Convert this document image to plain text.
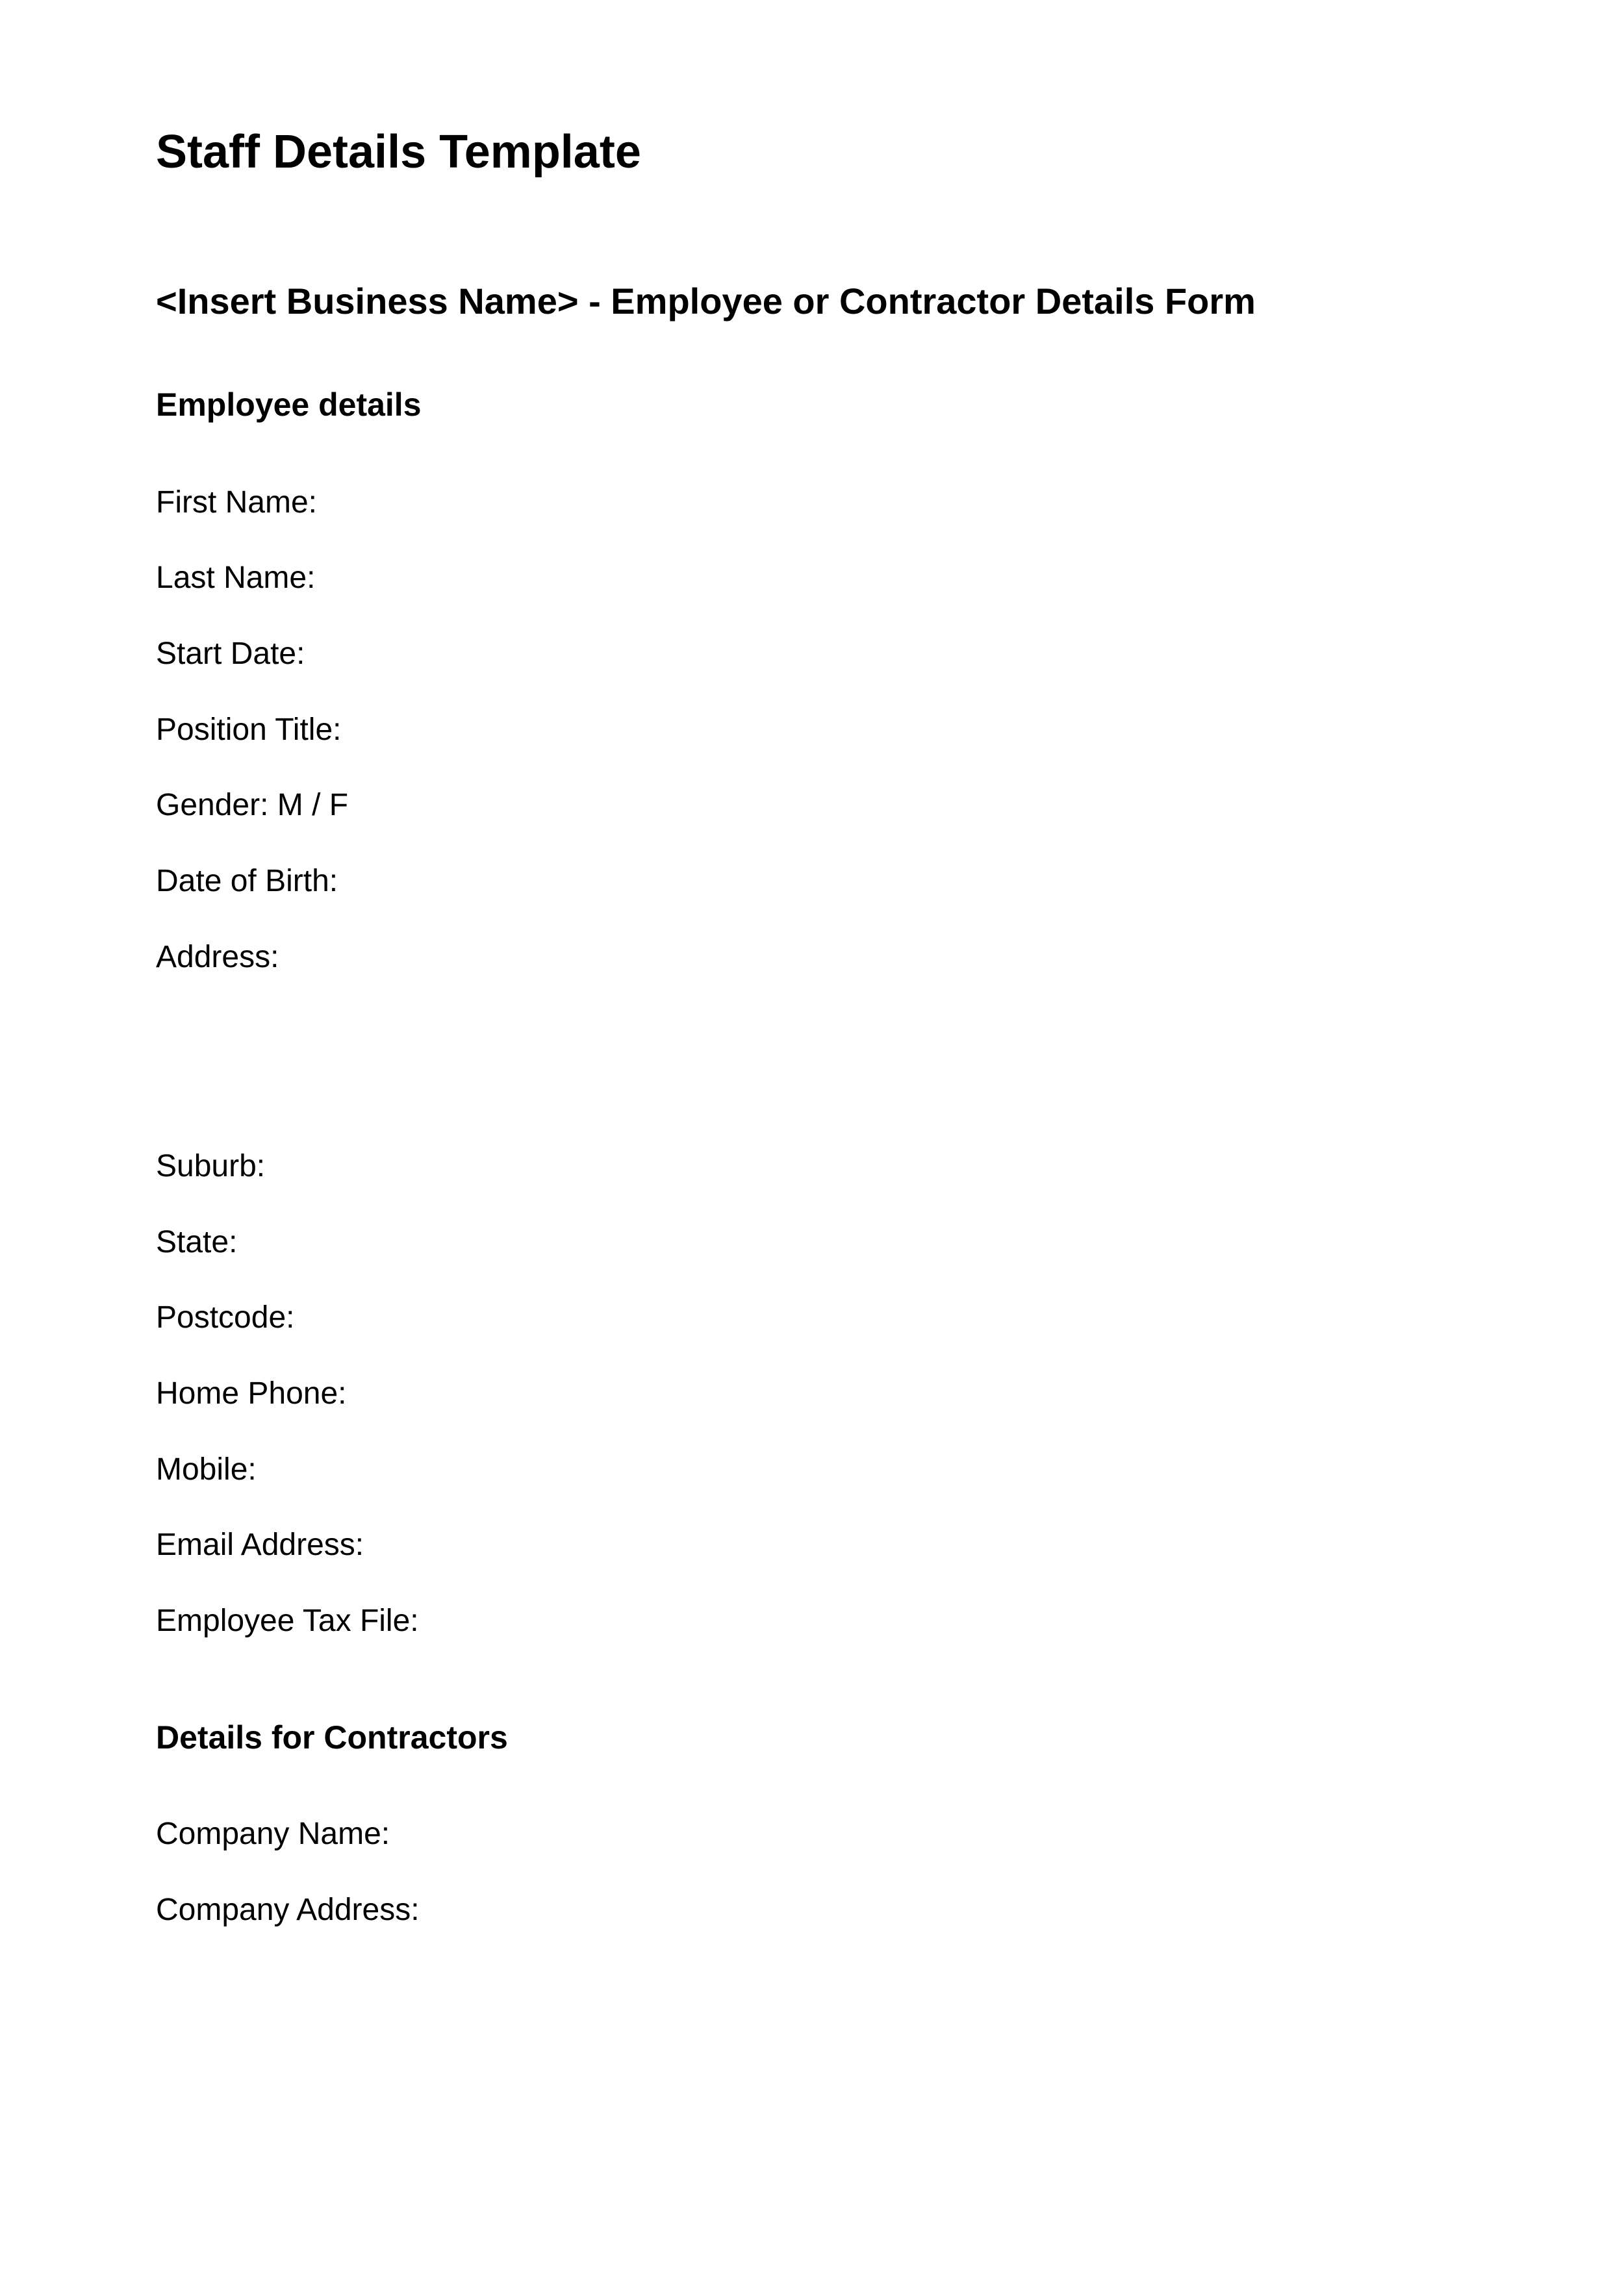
Staff Details Template
<Insert Business Name> - Employee or Contractor Details Form
Employee details
First Name:
Last Name:
Start Date:
Position Title:
Gender: M / F
Date of Birth:
Address:
Suburb:
State:
Postcode:
Home Phone:
Mobile:
Email Address:
Employee Tax File:
Details for Contractors
Company Name:
Company Address:
